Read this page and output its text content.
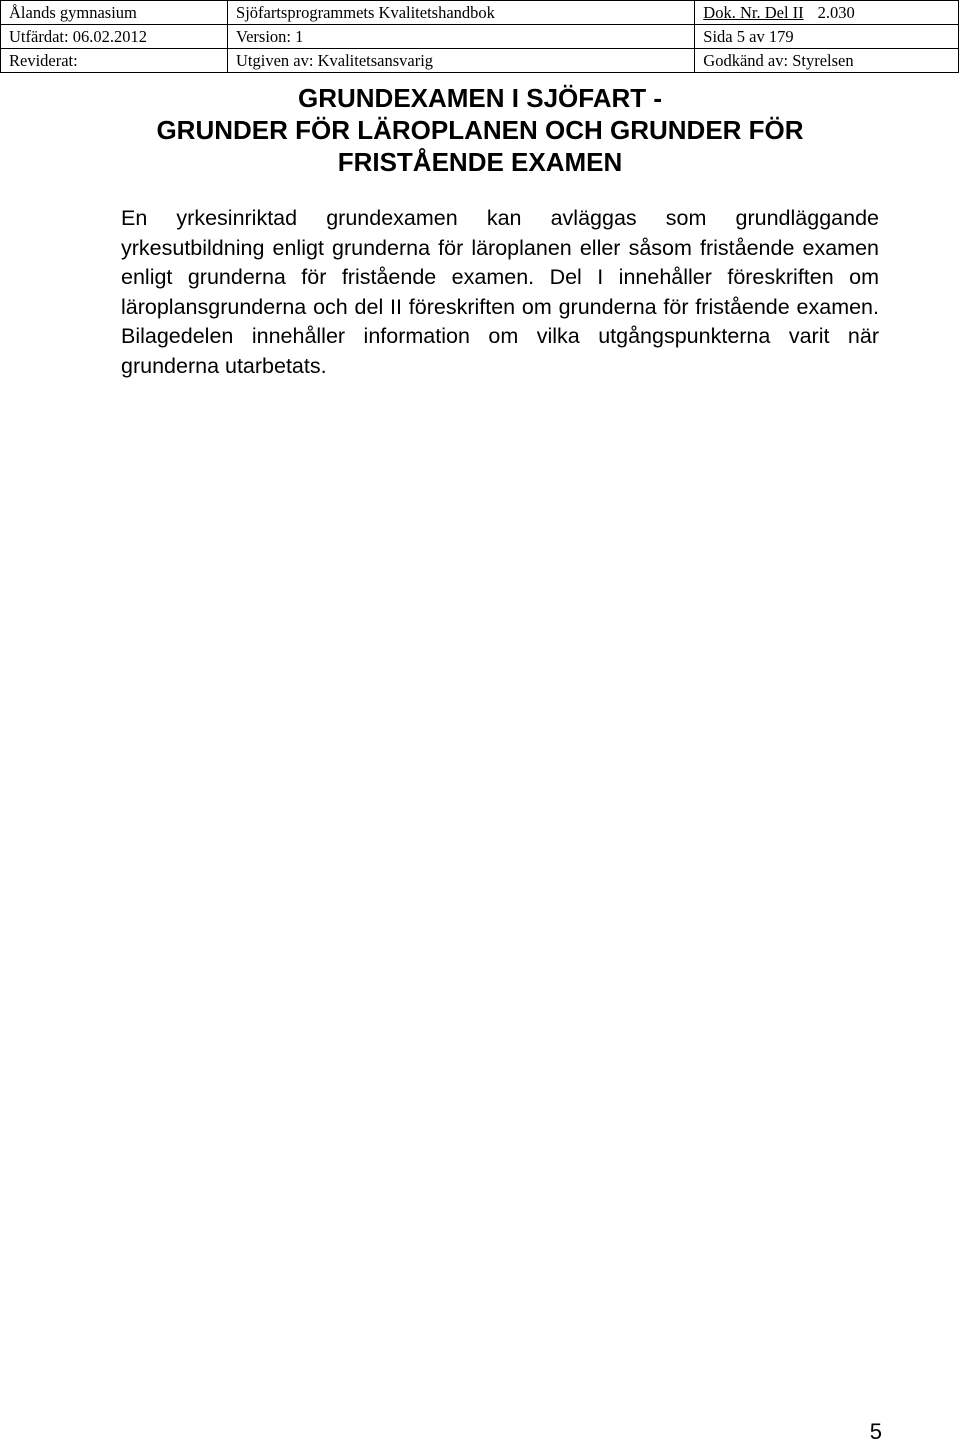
Ålands gymnasium	Sjöfartsprogrammets Kvalitetshandbok	Dok. Nr. Del II 2.030
Utfärdat: 06.02.2012	Version: 1	Sida 5 av 179
Reviderat:	Utgiven av: Kvalitetsansvarig	Godkänd av: Styrelsen
GRUNDEXAMEN I SJÖFART -
GRUNDER FÖR LÄROPLANEN OCH GRUNDER FÖR
FRISTÅENDE EXAMEN

En yrkesinriktad grundexamen kan avläggas som grundläggande yrkesutbildning enligt grunderna för läroplanen eller såsom fristående examen enligt grunderna för fristående examen. Del I innehåller föreskriften om läroplansgrunderna och del II föreskriften om grunderna för fristående examen. Bilagedelen innehåller information om vilka utgångspunkterna varit när grunderna utarbetats.

5
